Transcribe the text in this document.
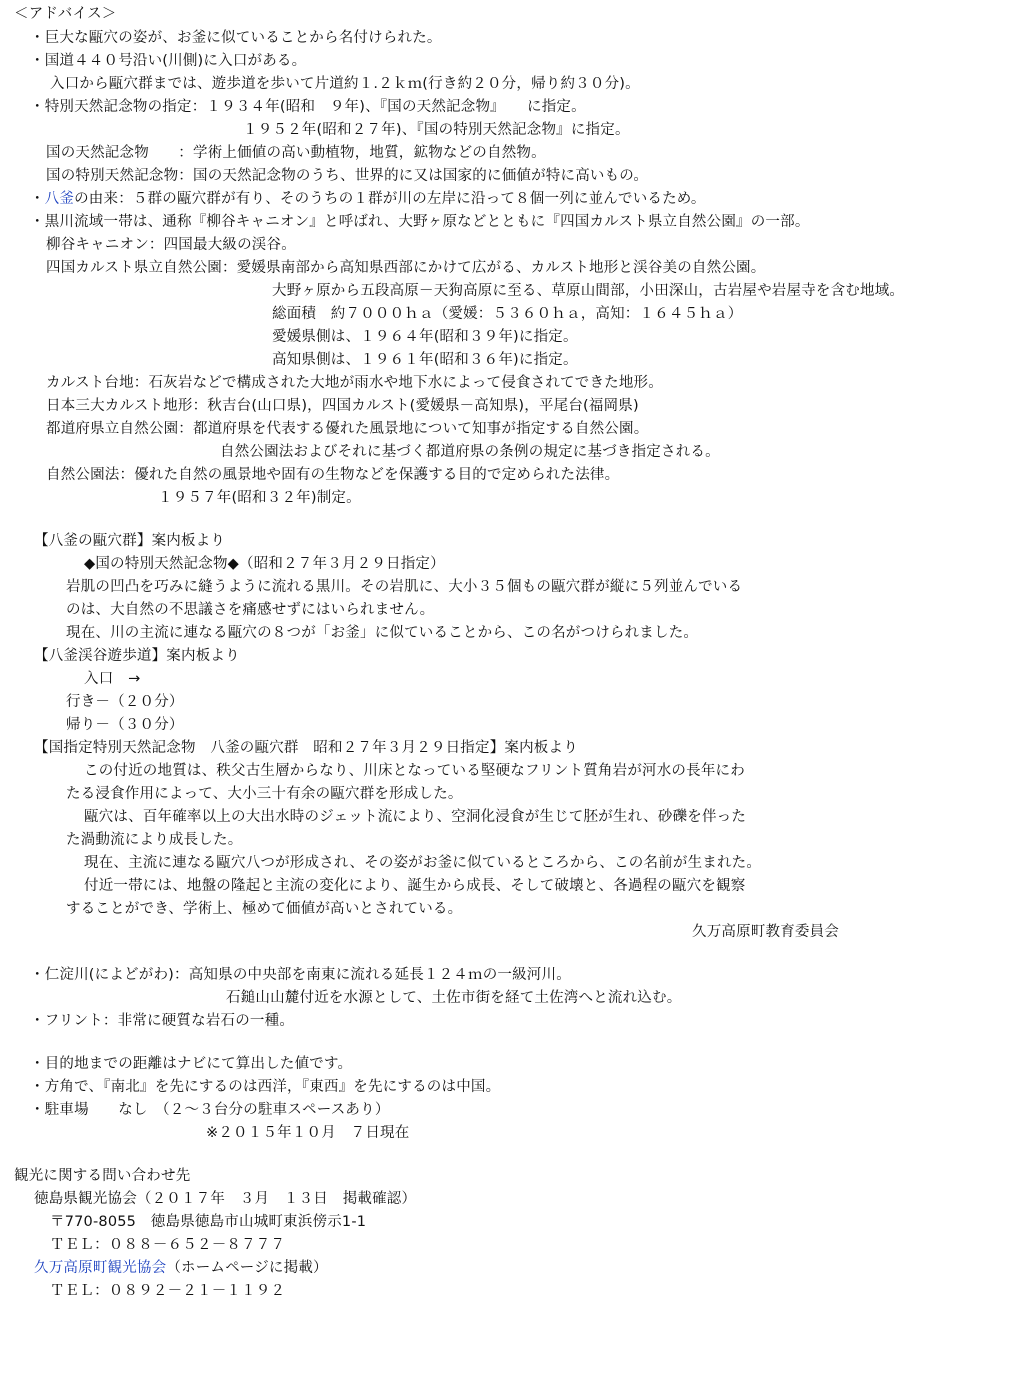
＜アドバイス＞
・巨大な甌穴の姿が、お釜に似ていることから名付けられた。
・国道４４０号沿い(川側)に入口がある。
入口から甌穴群までは、遊歩道を歩いて片道約１.２ｋｍ(行き約２０分，帰り約３０分)。
・特別天然記念物の指定：１９３４年(昭和　９年)、『国の天然記念物』　　に指定。
１９５２年(昭和２７年)、『国の特別天然記念物』に指定。
国の天然記念物　　：学術上価値の高い動植物，地質，鉱物などの自然物。
国の特別天然記念物：国の天然記念物のうち、世界的に又は国家的に価値が特に高いもの。
・八釜の由来：５群の甌穴群が有り、そのうちの１群が川の左岸に沿って８個一列に並んでいるため。
・黒川流域一帯は、通称『柳谷キャニオン』と呼ばれ、大野ヶ原などとともに『四国カルスト県立自然公園』の一部。
柳谷キャニオン：四国最大級の渓谷。
四国カルスト県立自然公園：愛媛県南部から高知県西部にかけて広がる、カルスト地形と渓谷美の自然公園。
大野ヶ原から五段高原－天狗高原に至る、草原山間部，小田深山，古岩屋や岩屋寺を含む地域。
総面積　約７０００ｈａ（愛媛：５３６０ｈａ，高知：１６４５ｈａ）
愛媛県側は、１９６４年(昭和３９年)に指定。
高知県側は、１９６１年(昭和３６年)に指定。
カルスト台地：石灰岩などで構成された大地が雨水や地下水によって侵食されてできた地形。
日本三大カルスト地形：秋吉台(山口県)，四国カルスト(愛媛県－高知県)，平尾台(福岡県)
都道府県立自然公園：都道府県を代表する優れた風景地について知事が指定する自然公園。
自然公園法およびそれに基づく都道府県の条例の規定に基づき指定される。
自然公園法：優れた自然の風景地や固有の生物などを保護する目的で定められた法律。
１９５７年(昭和３２年)制定。
【八釜の甌穴群】案内板より
◆国の特別天然記念物◆（昭和２７年３月２９日指定）
岩肌の凹凸を巧みに縫うように流れる黒川。その岩肌に、大小３５個もの甌穴群が縦に５列並んでいる
のは、大自然の不思議さを痛感せずにはいられません。
現在、川の主流に連なる甌穴の８つが「お釜」に似ていることから、この名がつけられました。
【八釜渓谷遊歩道】案内板より
入口　→
行き－（２０分）
帰り－（３０分）
【国指定特別天然記念物　八釜の甌穴群　昭和２７年３月２９日指定】案内板より
この付近の地質は、秩父古生層からなり、川床となっている堅硬なフリント質角岩が河水の長年にわ
たる浸食作用によって、大小三十有余の甌穴群を形成した。
甌穴は、百年確率以上の大出水時のジェット流により、空洞化浸食が生じて胚が生れ、砂礫を伴った
た渦動流により成長した。
現在、主流に連なる甌穴八つが形成され、その姿がお釜に似ているところから、この名前が生まれた。
付近一帯には、地盤の隆起と主流の変化により、誕生から成長、そして破壊と、各過程の甌穴を観察
することができ、学術上、極めて価値が高いとされている。
久万高原町教育委員会
・仁淀川(によどがわ)：高知県の中央部を南東に流れる延長１２４ｍの一級河川。
石鎚山山麓付近を水源として、土佐市街を経て土佐湾へと流れ込む。
・フリント：非常に硬質な岩石の一種。
・目的地までの距離はナビにて算出した値です。
・方角で、『南北』を先にするのは西洋，『東西』を先にするのは中国。
・駐車場　　なし　（２～３台分の駐車スペースあり）
※２０１５年１０月　７日現在
観光に関する問い合わせ先
徳島県観光協会（２０１７年　３月　１３日　掲載確認）
〒770-8055　徳島県徳島市山城町東浜傍示1-1
ＴＥＬ：０８８－６５２－８７７７
久万高原町観光協会（ホームページに掲載）
ＴＥＬ：０８９２－２１－１１９２
